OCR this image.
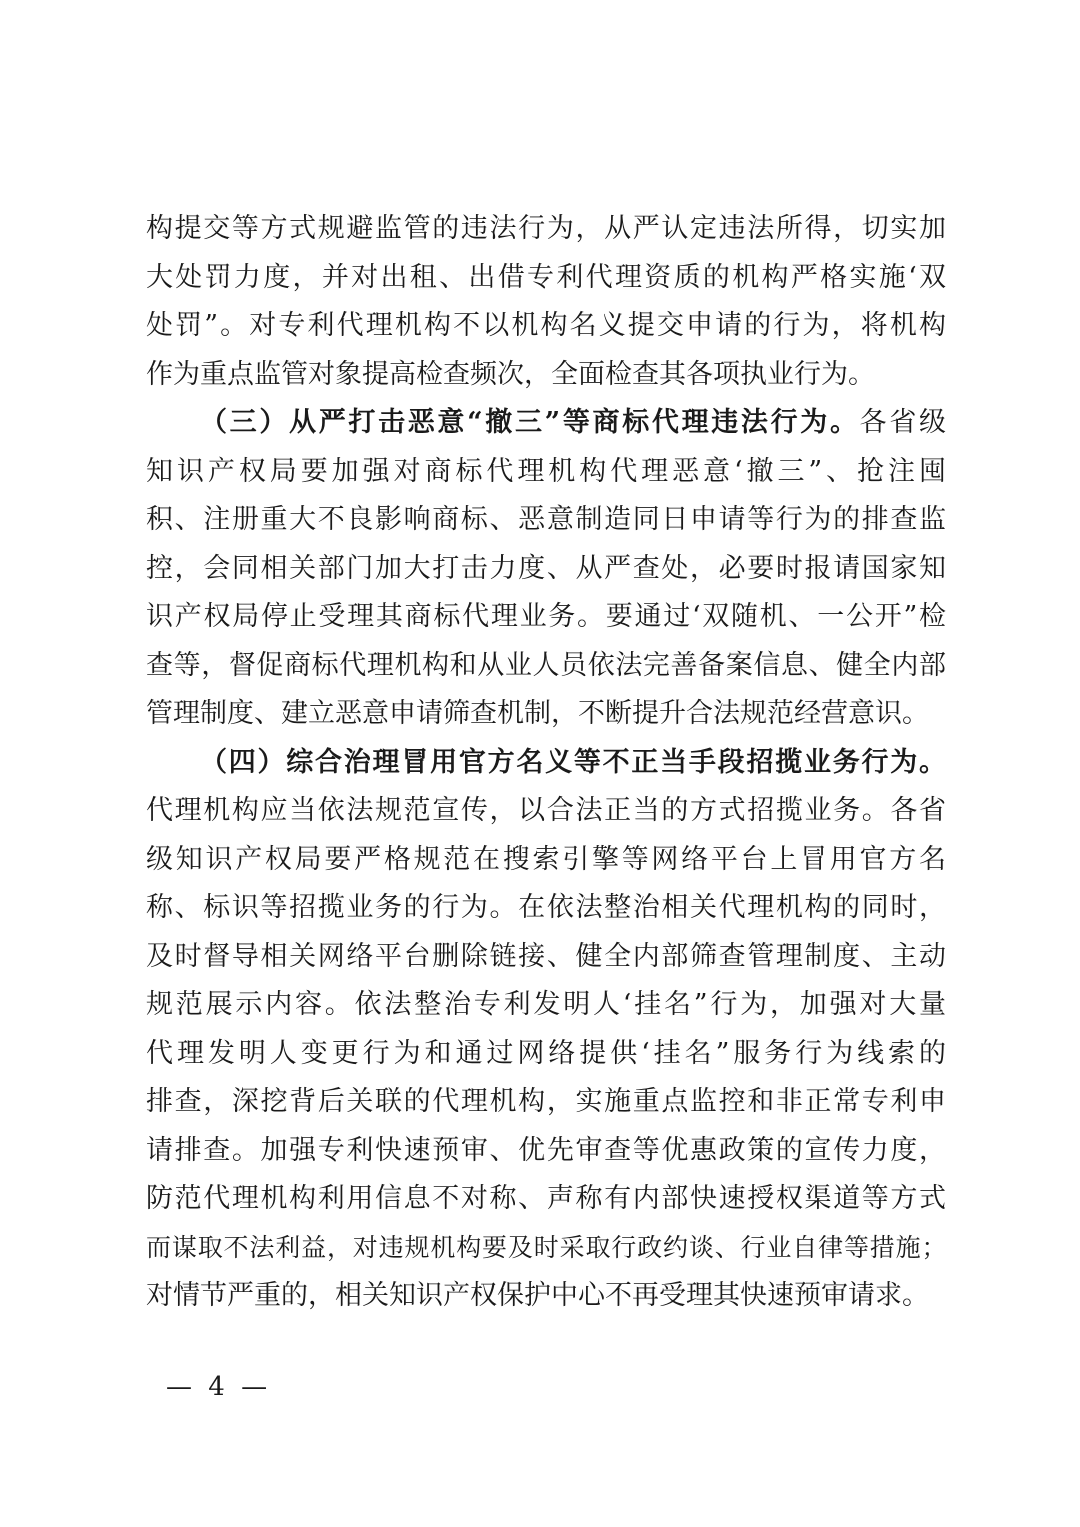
构提交等方式规避监管的违法行为，从严认定违法所得，切实加
大处罚力度，并对出租、出借专利代理资质的机构严格实施‘双
处罚”。对专利代理机构不以机构名义提交申请的行为，将机构
作为重点监管对象提高检查频次，全面检查其各项执业行为。
（三）从严打击恶意“撤三”等商标代理违法行为。各省级
知识产权局要加强对商标代理机构代理恶意‘撤三”、抢注囤
积、注册重大不良影响商标、恶意制造同日申请等行为的排查监
控，会同相关部门加大打击力度、从严查处，必要时报请国家知
识产权局停止受理其商标代理业务。要通过‘双随机、一公开”检
查等，督促商标代理机构和从业人员依法完善备案信息、健全内部
管理制度、建立恶意申请筛查机制，不断提升合法规范经营意识。
（四）综合治理冒用官方名义等不正当手段招揽业务行为。
代理机构应当依法规范宣传，以合法正当的方式招揽业务。各省
级知识产权局要严格规范在搜索引擎等网络平台上冒用官方名
称、标识等招揽业务的行为。在依法整治相关代理机构的同时，
及时督导相关网络平台删除链接、健全内部筛查管理制度、主动
规范展示内容。依法整治专利发明人‘挂名”行为，加强对大量
代理发明人变更行为和通过网络提供‘挂名”服务行为线索的
排查，深挖背后关联的代理机构，实施重点监控和非正常专利申
请排查。加强专利快速预审、优先审查等优惠政策的宣传力度，
防范代理机构利用信息不对称、声称有内部快速授权渠道等方式
而谋取不法利益，对违规机构要及时采取行政约谈、行业自律等措施；
对情节严重的，相关知识产权保护中心不再受理其快速预审请求。
— 4 —
